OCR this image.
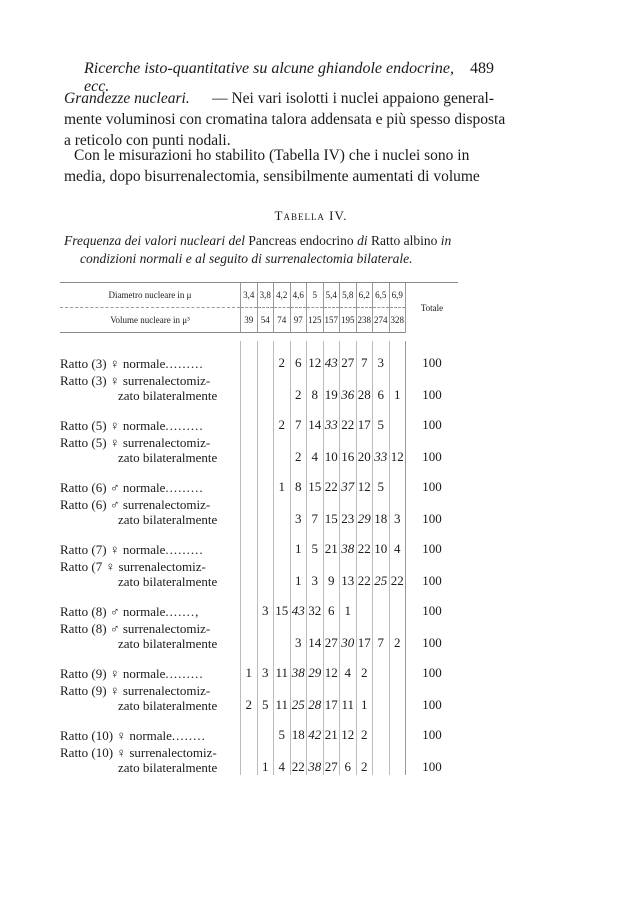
Ricerche isto-quantitative su alcune ghiandole endocrine, ecc.
489
Grandezze nucleari. — Nei vari isolotti i nuclei appaiono general-
mente voluminosi con cromatina talora addensata e più spesso disposta
a reticolo con punti nodali.
Con le misurazioni ho stabilito (Tabella IV) che i nuclei sono in
media, dopo bisurrenalectomia, sensibilmente aumentati di volume
Tabella IV.
Frequenza dei valori nucleari del Pancreas endocrino di Ratto albino in
condizioni normali e al seguito di surrenalectomia bilaterale.
Diametro nucleare in μ	3,4	3,8	4,2	4,6	5	5,4	5,8	6,2	6,5	6,9	Totale
Volume nucleare in μ³	39	54	74	97	125	157	195	238	274	328	

Ratto (3) ♀ normale.........			2	6	12	43	27	7	3		100

Ratto (3) ♀ surrenalectomiz-
zato bilateralmente				2	8	19	36	28	6	1	100

Ratto (5) ♀ normale.........			2	7	14	33	22	17	5		100

Ratto (5) ♀ surrenalectomiz-
zato bilateralmente				2	4	10	16	20	33	12	100

Ratto (6) ♂ normale.........			1	8	15	22	37	12	5		100

Ratto (6) ♂ surrenalectomiz-
zato bilateralmente				3	7	15	23	29	18	3	100

Ratto (7) ♀ normale.........				1	5	21	38	22	10	4	100

Ratto (7 ♀ surrenalectomiz-
zato bilateralmente				1	3	9	13	22	25	22	100

Ratto (8) ♂ normale.......,		3	15	43	32	6	1				100

Ratto (8) ♂ surrenalectomiz-
zato bilateralmente				3	14	27	30	17	7	2	100

Ratto (9) ♀ normale.........	1	3	11	38	29	12	4	2			100

Ratto (9) ♀ surrenalectomiz-
zato bilateralmente	2	5	11	25	28	17	11	1			100

Ratto (10) ♀ normale........			5	18	42	21	12	2			100

Ratto (10) ♀ surrenalectomiz-
zato bilateralmente		1	4	22	38	27	6	2			100
